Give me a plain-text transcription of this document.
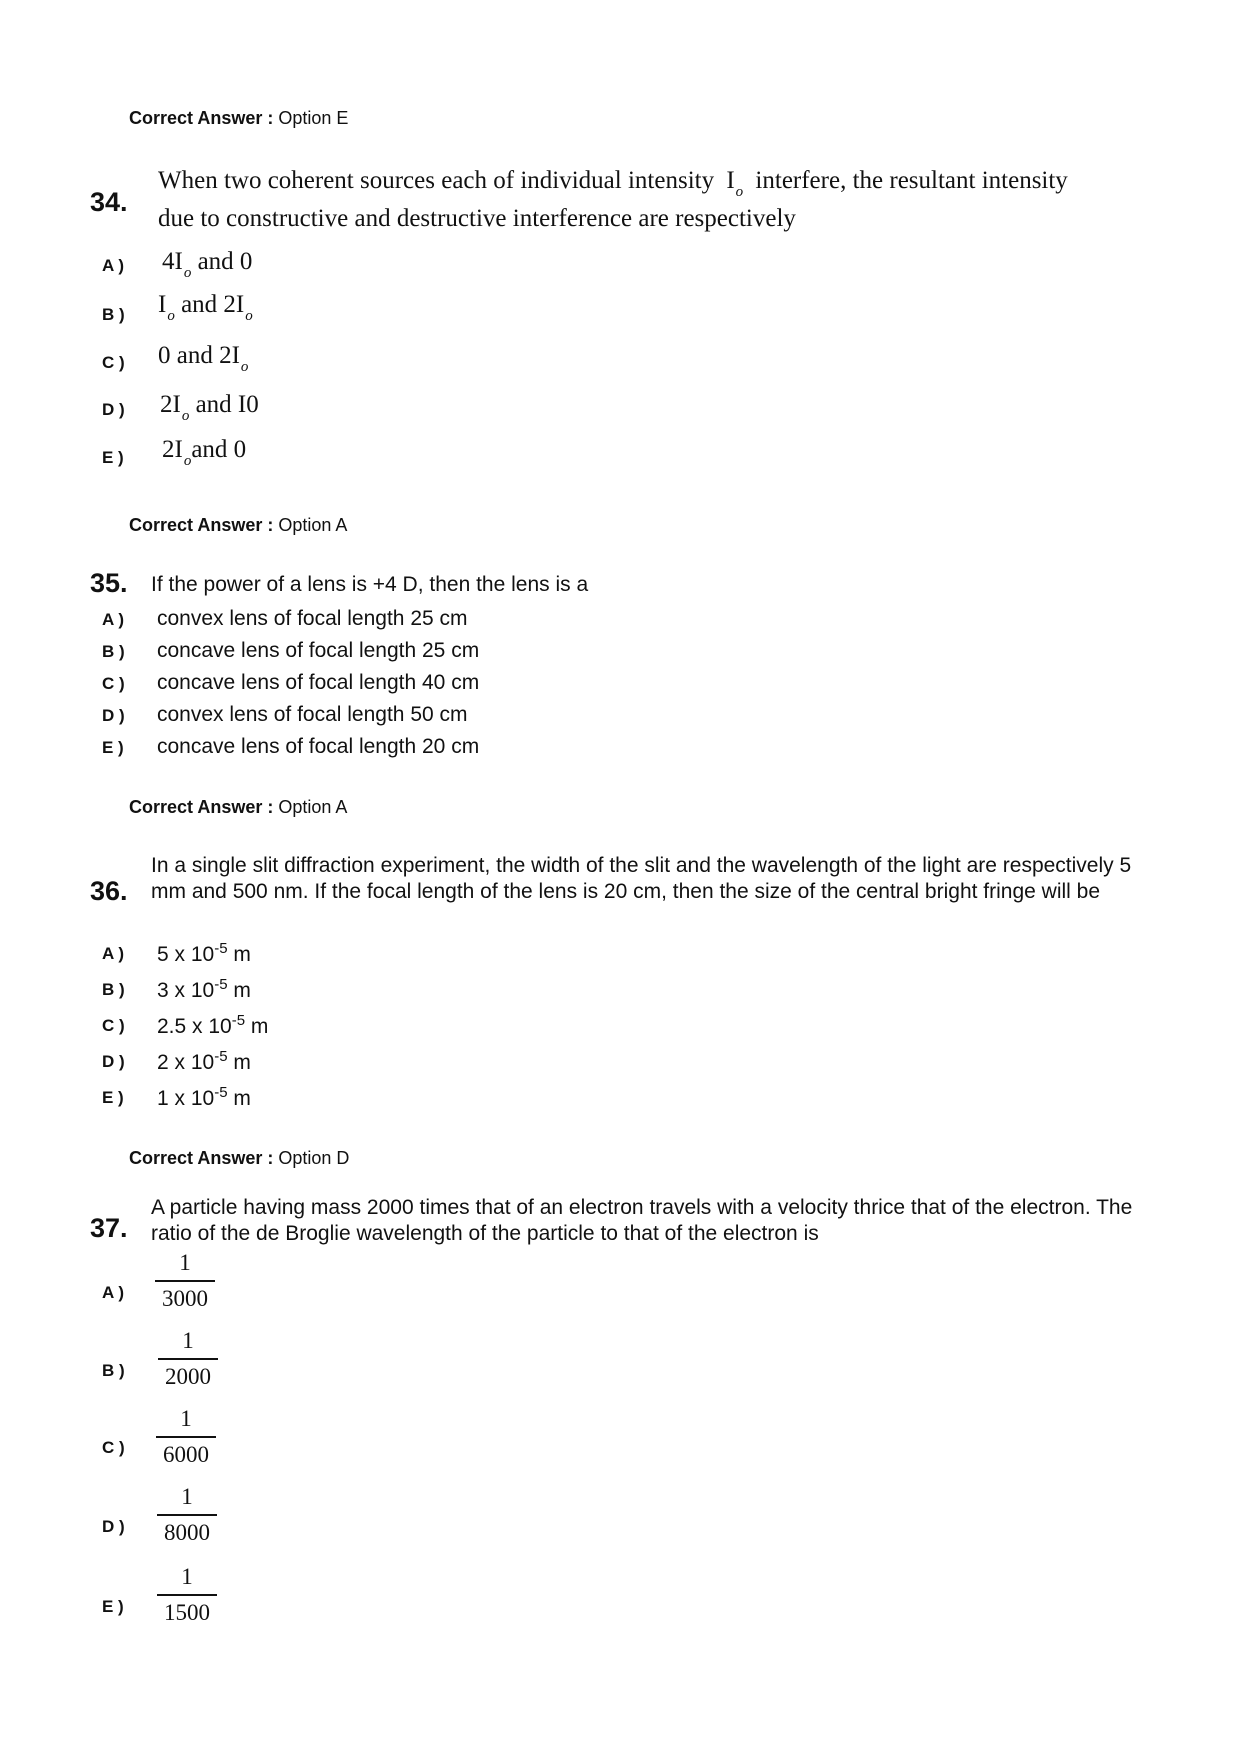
Correct Answer : Option E
34.
When two coherent sources each of individual intensity $I_o$ interfere, the resultant intensity
due to constructive and destructive interference are respectively
A ) $4I_o$ and 0
B ) $I_o$ and $2I_o$
C ) 0 and $2I_o$
D ) $2I_o$ and I0
E ) $2I_oand$ 0
Correct Answer : Option A
35. If the power of a lens is +4 D, then the lens is a
A ) convex lens of focal length 25 cm
B ) concave lens of focal length 25 cm
C ) concave lens of focal length 40 cm
D ) convex lens of focal length 50 cm
E ) concave lens of focal length 20 cm
Correct Answer : Option A
36.
In a single slit diffraction experiment, the width of the slit and the wavelength of the light are respectively 5 mm and 500 nm. If the focal length of the lens is 20 cm, then the size of the central bright fringe will be
A ) 5 x $10^{-5}$ m
B ) 3 x $10^{-5}$ m
C ) 2.5 x $10^{-5}$ m
D ) 2 x $10^{-5}$ m
E ) 1 x $10^{-5}$ m
Correct Answer : Option D
37.
A particle having mass 2000 times that of an electron travels with a velocity thrice that of the electron. The ratio of the de Broglie wavelength of the particle to that of the electron is
A )
1
3000
B )
1
2000
C )
1
6000
D )
1
8000
E )
1
1500
